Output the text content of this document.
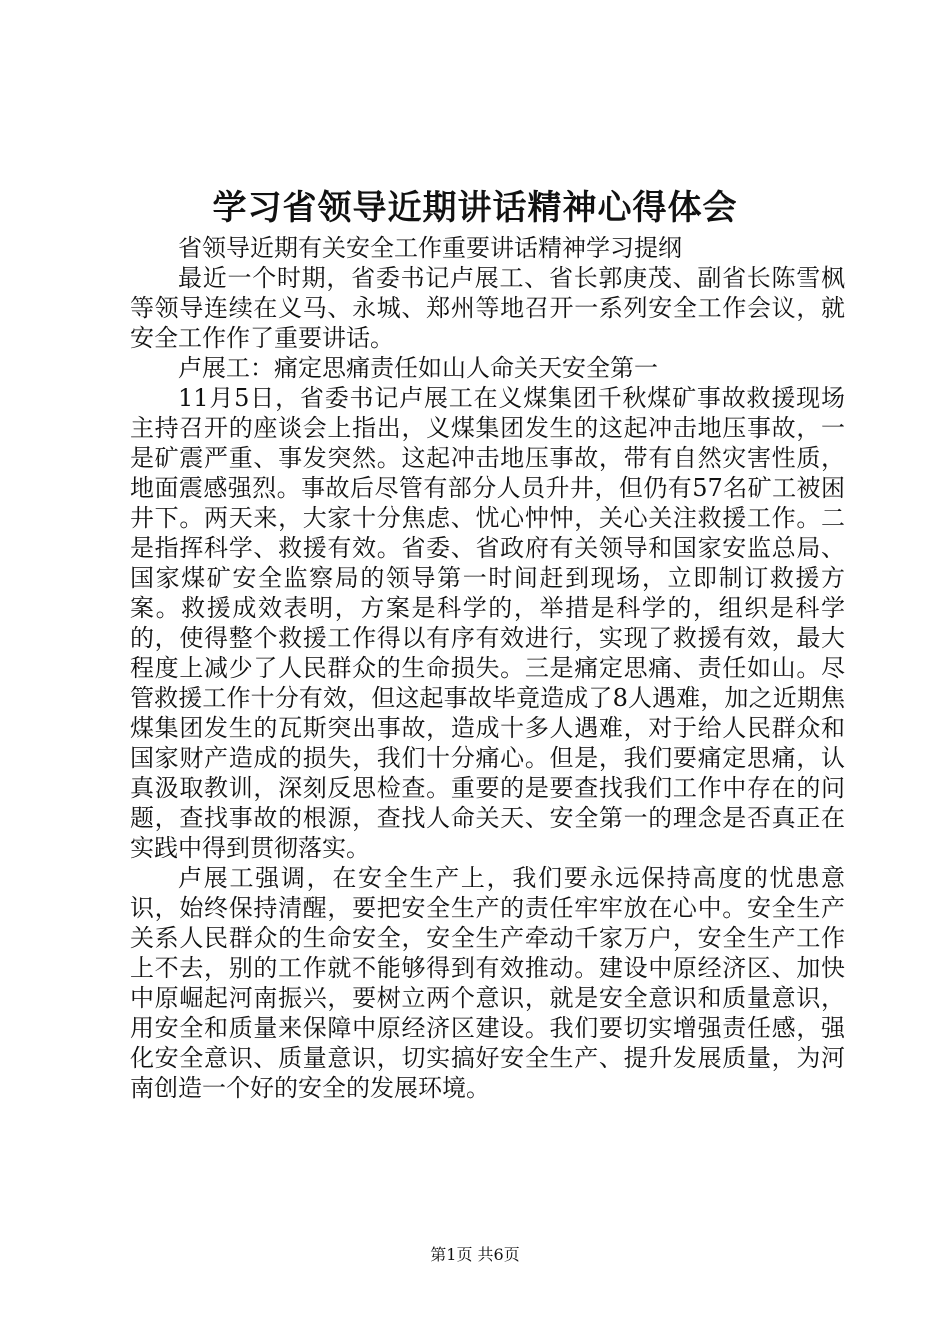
学习省领导近期讲话精神心得体会

省领导近期有关安全工作重要讲话精神学习提纲

最近一个时期，省委书记卢展工、省长郭庚茂、副省长陈雪枫等领导连续在义马、永城、郑州等地召开一系列安全工作会议，就安全工作作了重要讲话。

卢展工：痛定思痛责任如山人命关天安全第一

11月5日，省委书记卢展工在义煤集团千秋煤矿事故救援现场主持召开的座谈会上指出，义煤集团发生的这起冲击地压事故，一是矿震严重、事发突然。这起冲击地压事故，带有自然灾害性质，地面震感强烈。事故后尽管有部分人员升井，但仍有57名矿工被困井下。两天来，大家十分焦虑、忧心忡忡，关心关注救援工作。二是指挥科学、救援有效。省委、省政府有关领导和国家安监总局、国家煤矿安全监察局的领导第一时间赶到现场，立即制订救援方案。救援成效表明，方案是科学的，举措是科学的，组织是科学的，使得整个救援工作得以有序有效进行，实现了救援有效，最大程度上减少了人民群众的生命损失。三是痛定思痛、责任如山。尽管救援工作十分有效，但这起事故毕竟造成了8人遇难，加之近期焦煤集团发生的瓦斯突出事故，造成十多人遇难，对于给人民群众和国家财产造成的损失，我们十分痛心。但是，我们要痛定思痛，认真汲取教训，深刻反思检查。重要的是要查找我们工作中存在的问题，查找事故的根源，查找人命关天、安全第一的理念是否真正在实践中得到贯彻落实。

卢展工强调，在安全生产上，我们要永远保持高度的忧患意识，始终保持清醒，要把安全生产的责任牢牢放在心中。安全生产关系人民群众的生命安全，安全生产牵动千家万户，安全生产工作上不去，别的工作就不能够得到有效推动。建设中原经济区、加快中原崛起河南振兴，要树立两个意识，就是安全意识和质量意识，用安全和质量来保障中原经济区建设。我们要切实增强责任感，强化安全意识、质量意识，切实搞好安全生产、提升发展质量，为河南创造一个好的安全的发展环境。

第1页 共6页
